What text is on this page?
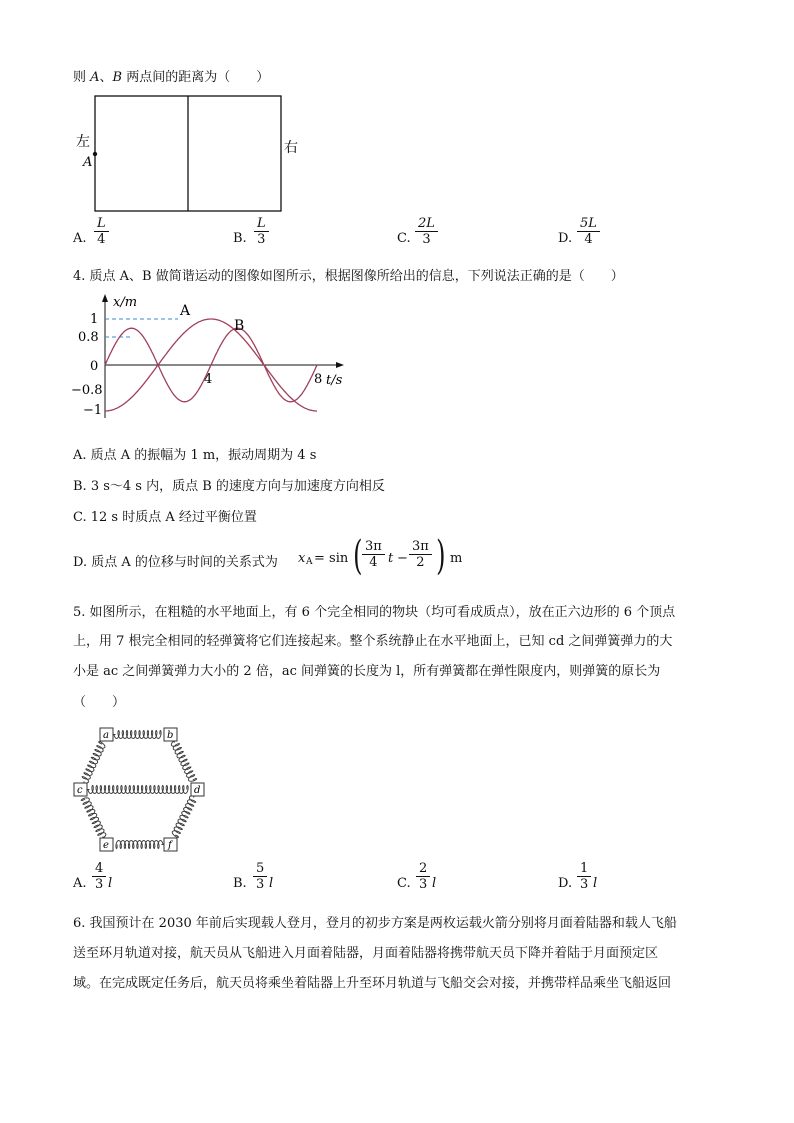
则 A、B 两点间的距离为（　　）
左
A
右
A. $\frac{L}{4}$	B. $\frac{L}{3}$	C. $\frac{2L}{3}$	D. $\frac{5L}{4}$
4. 质点 A、B 做简谐运动的图像如图所示，根据图像所给出的信息，下列说法正确的是（　　）
x/m
t/s
1
0.8
0
−0.8
−1
4	8
A
B
A. 质点 A 的振幅为 1 m，振动周期为 4 s
B. 3 s～4 s 内，质点 B 的速度方向与加速度方向相反
C. 12 s 时质点 A 经过平衡位置
D. 质点 A 的位移与时间的关系式为 x A = sin ( $\frac{3\pi}{4}$ $t - \frac{3\pi}{2}$ ) m
5. 如图所示，在粗糙的水平地面上，有 6 个完全相同的物块（均可看成质点），放在正六边形的 6 个顶点
上，用 7 根完全相同的轻弹簧将它们连接起来。整个系统静止在水平地面上，已知 cd 之间弹簧弹力的大
小是 ac 之间弹簧弹力大小的 2 倍，ac 间弹簧的长度为 l，所有弹簧都在弹性限度内，则弹簧的原长为
（　　）
a	b
c	d
e	f
A. $\frac{4}{3}$ l	B. $\frac{5}{3}$ l	C. $\frac{2}{3}$ l	D. $\frac{1}{3}$ l
6. 我国预计在 2030 年前后实现载人登月，登月的初步方案是两枚运载火箭分别将月面着陆器和载人飞船
送至环月轨道对接，航天员从飞船进入月面着陆器，月面着陆器将携带航天员下降并着陆于月面预定区
域。在完成既定任务后，航天员将乘坐着陆器上升至环月轨道与飞船交会对接，并携带样品乘坐飞船返回
